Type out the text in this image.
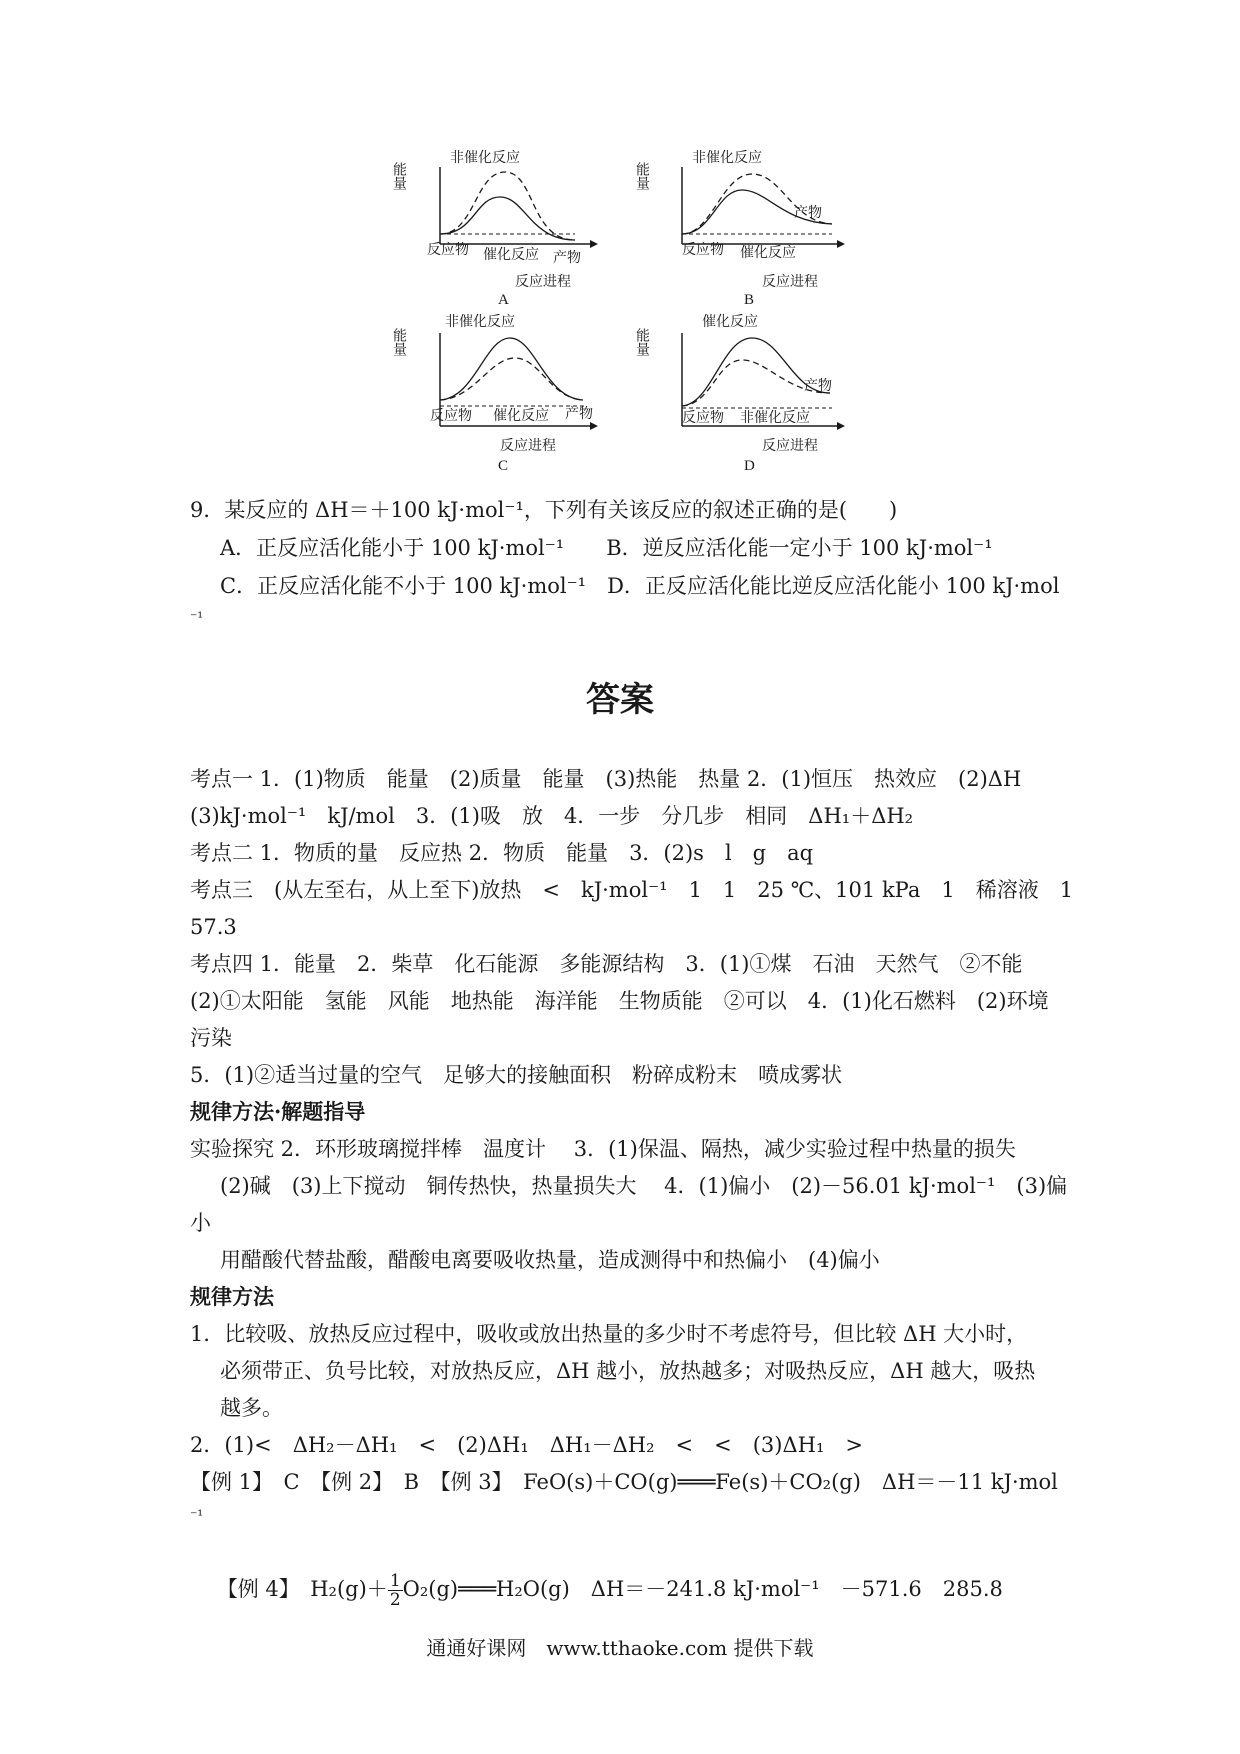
能量
非催化反应
反应物 催化反应 产物
反应进程
A
能量
非催化反应
反应物 催化反应
产物
反应进程
B
能量
非催化反应
反应物 催化反应 产物
反应进程
C
能量
催化反应
反应物 非催化反应
产物
反应进程
D
9．某反应的 ΔH＝＋100 kJ·mol⁻¹，下列有关该反应的叙述正确的是(　　)
A．正反应活化能小于 100 kJ·mol⁻¹　　B．逆反应活化能一定小于 100 kJ·mol⁻¹
C．正反应活化能不小于 100 kJ·mol⁻¹　D．正反应活化能比逆反应活化能小 100 kJ·mol
⁻¹
答案
考点一 1．(1)物质　能量　(2)质量　能量　(3)热能　热量 2．(1)恒压　热效应　(2)ΔH
(3)kJ·mol⁻¹　kJ/mol　3．(1)吸　放　4．一步　分几步　相同　ΔH₁＋ΔH₂
考点二 1．物质的量　反应热 2．物质　能量　3．(2)s　l　g　aq
考点三　(从左至右，从上至下)放热　<　kJ·mol⁻¹　1　1　25 ℃、101 kPa　1　稀溶液　1
57.3
考点四 1．能量　2．柴草　化石能源　多能源结构　3．(1)①煤　石油　天然气　②不能
(2)①太阳能　氢能　风能　地热能　海洋能　生物质能　②可以　4．(1)化石燃料　(2)环境
污染
5．(1)②适当过量的空气　足够大的接触面积　粉碎成粉末　喷成雾状
规律方法·解题指导
实验探究 2．环形玻璃搅拌棒　温度计　 3．(1)保温、隔热，减少实验过程中热量的损失
(2)碱　(3)上下搅动　铜传热快，热量损失大　 4．(1)偏小　(2)－56.01 kJ·mol⁻¹　(3)偏
小
用醋酸代替盐酸，醋酸电离要吸收热量，造成测得中和热偏小　(4)偏小
规律方法
1．比较吸、放热反应过程中，吸收或放出热量的多少时不考虑符号，但比较 ΔH 大小时，
必须带正、负号比较，对放热反应，ΔH 越小，放热越多；对吸热反应，ΔH 越大，吸热
越多。
2．(1)<　ΔH₂－ΔH₁　<　(2)ΔH₁　ΔH₁－ΔH₂　<　<　(3)ΔH₁　>
【例 1】　C　【例 2】　B　【例 3】　FeO(s)＋CO(g)═══Fe(s)＋CO₂(g)　ΔH＝－11 kJ·mol
⁻¹

【例 4】　$H_2(g)+ \frac{1}{2}$ O₂(g)═══H₂O(g)　ΔH＝－241.8 kJ·mol⁻¹　－571.6　285.8

通通好课网　www.tthaoke.com 提供下载
